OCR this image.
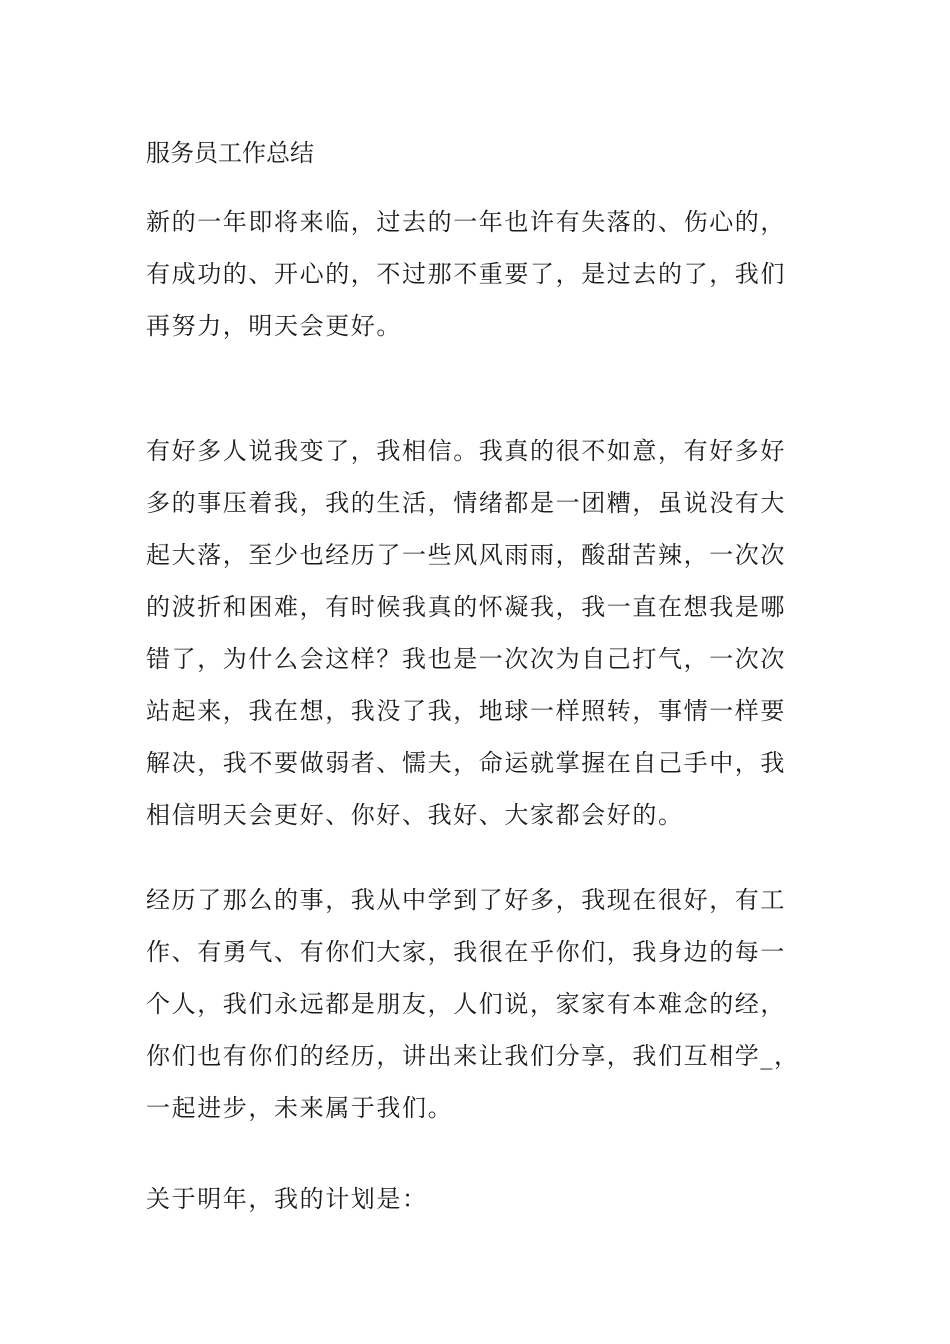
服务员工作总结
新的一年即将来临，过去的一年也许有失落的、伤心的，
有成功的、开心的，不过那不重要了，是过去的了，我们
再努力，明天会更好。
有好多人说我变了，我相信。我真的很不如意，有好多好
多的事压着我，我的生活，情绪都是一团糟，虽说没有大
起大落，至少也经历了一些风风雨雨，酸甜苦辣，一次次
的波折和困难，有时候我真的怀凝我，我一直在想我是哪
错了，为什么会这样？我也是一次次为自己打气，一次次
站起来，我在想，我没了我，地球一样照转，事情一样要
解决，我不要做弱者、懦夫，命运就掌握在自己手中，我
相信明天会更好、你好、我好、大家都会好的。
经历了那么的事，我从中学到了好多，我现在很好，有工
作、有勇气、有你们大家，我很在乎你们，我身边的每一
个人，我们永远都是朋友，人们说，家家有本难念的经，
你们也有你们的经历，讲出来让我们分享，我们互相学_，
一起进步，未来属于我们。
关于明年，我的计划是：
